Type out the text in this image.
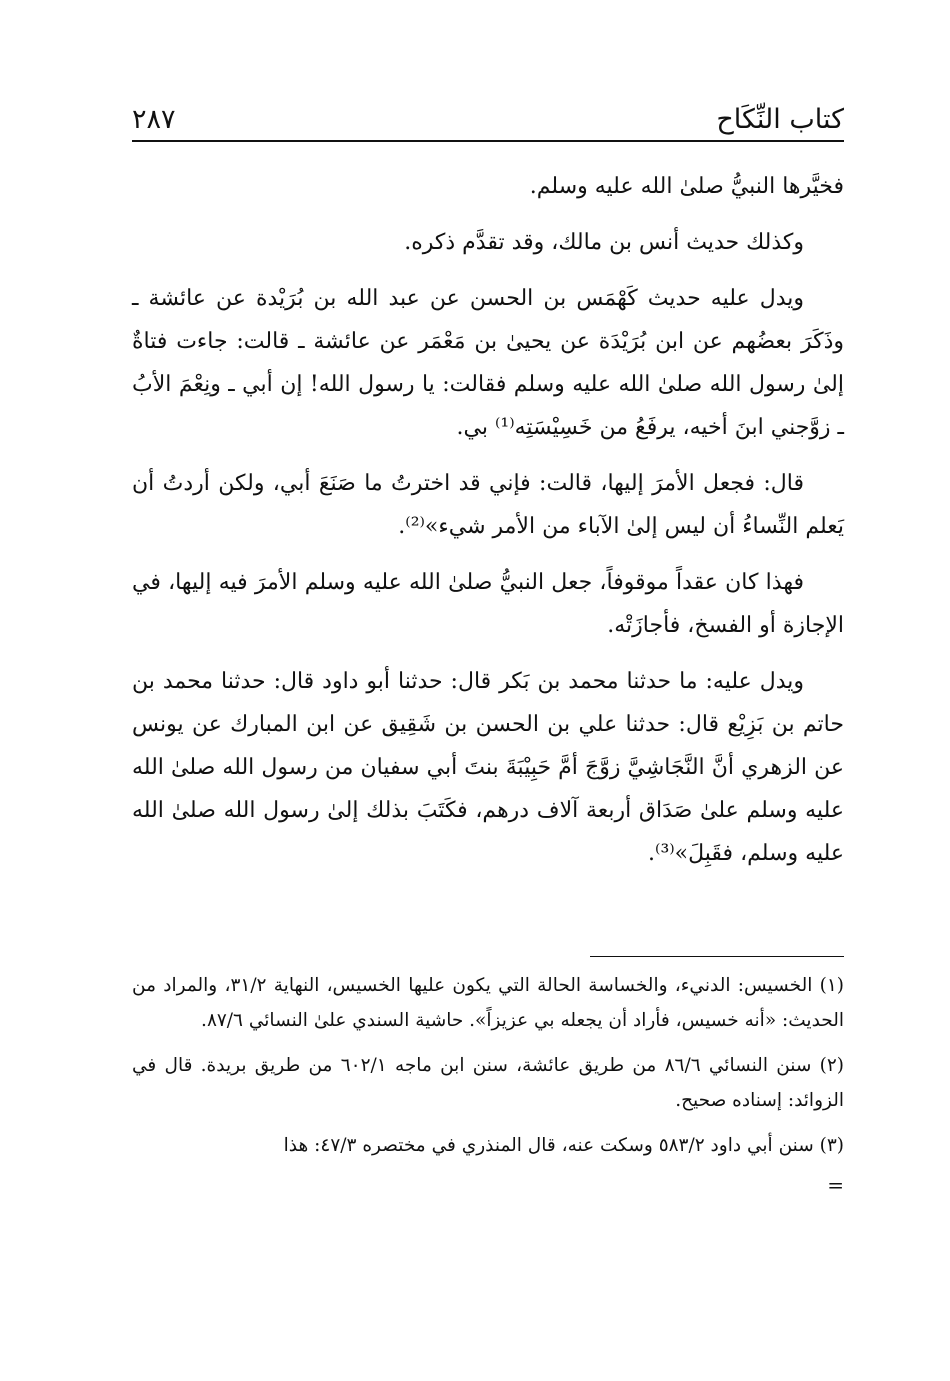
٢٨٧	كتاب النِّكَاح

فخيَّرها النبيُّ صلىٰ الله عليه وسلم.

وكذلك حديث أنس بن مالك، وقد تقدَّم ذكره.

ويدل عليه حديث كَهْمَس بن الحسن عن عبد الله بن بُرَيْدة عن عائشة ـ وذَكَرَ بعضُهم عن ابن بُرَيْدَة عن يحيىٰ بن مَعْمَر عن عائشة ـ قالت: جاءت فتاةٌ إلىٰ رسول الله صلىٰ الله عليه وسلم فقالت: يا رسول الله! إن أبي ـ ونِعْمَ الأبُ ـ زوَّجني ابنَ أخيه، يرفَعُ من خَسِيْسَتِه⁽¹⁾ بي.

قال: فجعل الأمرَ إليها، قالت: فإني قد اخترتُ ما صَنَعَ أبي، ولكن أردتُ أن يَعلم النِّساءُ أن ليس إلىٰ الآباء من الأمر شيء»⁽²⁾.

فهذا كان عقداً موقوفاً، جعل النبيُّ صلىٰ الله عليه وسلم الأمرَ فيه إليها، في الإجازة أو الفسخ، فأجازَتْه.

ويدل عليه: ما حدثنا محمد بن بَكر قال: حدثنا أبو داود قال: حدثنا محمد بن حاتم بن بَزِيْع قال: حدثنا علي بن الحسن بن شَقِيق عن ابن المبارك عن يونس عن الزهري أنَّ النَّجَاشِيَّ زوَّجَ أمَّ حَبِيْبَةَ بنتَ أبي سفيان من رسول الله صلىٰ الله عليه وسلم علىٰ صَدَاق أربعة آلاف درهم، فكَتَبَ بذلك إلىٰ رسول الله صلىٰ الله عليه وسلم، فقَبِلَ»⁽³⁾.

(١) الخسيس: الدنيء، والخساسة الحالة التي يكون عليها الخسيس، النهاية ٣١/٢، والمراد من الحديث: «أنه خسيس، فأراد أن يجعله بي عزيزاً». حاشية السندي علىٰ النسائي ٨٧/٦.

(٢) سنن النسائي ٨٦/٦ من طريق عائشة، سنن ابن ماجه ٦٠٢/١ من طريق بريدة. قال في الزوائد: إسناده صحيح.

(٣) سنن أبي داود ٥٨٣/٢ وسكت عنه، قال المنذري في مختصره ٤٧/٣: هذا

=
